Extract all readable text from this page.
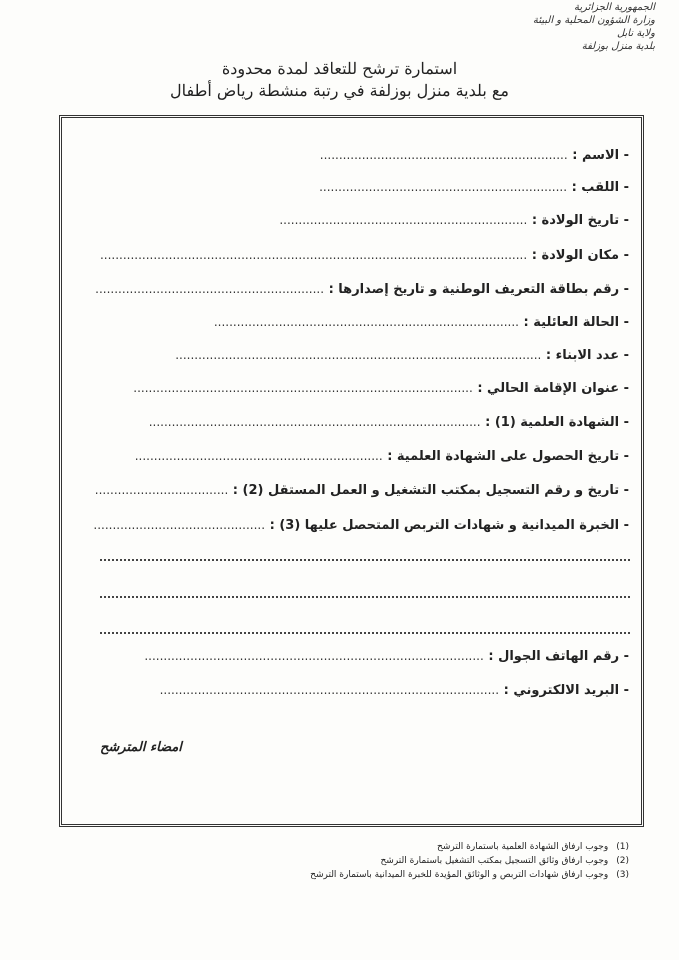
الجمهورية الجزائرية
وزارة الشؤون المحلية و البيئة
ولاية نابل
بلدية منزل بوزلفة
استمارة ترشح للتعاقد لمدة محدودة
مع بلدية منزل بوزلفة في رتبة منشطة رياض أطفال
- الاسم : .................................................................
- اللقب : .................................................................
- تاريخ الولادة : .................................................................
- مكان الولادة : ................................................................................................................
- رقم بطاقة التعريف الوطنية و تاريخ إصدارها : ............................................................
- الحالة العائلية : ................................................................................
- عدد الابناء : ................................................................................................
- عنوان الإقامة الحالي : .........................................................................................
- الشهادة العلمية (1) : .......................................................................................
- تاريخ الحصول على الشهادة العلمية : .................................................................
- تاريخ و رقم التسجيل بمكتب التشغيل و العمل المستقل (2) : ...................................
- الخبرة الميدانية و شهادات التربص المتحصل عليها (3) : .............................................
- رقم الهاتف الجوال : .........................................................................................
- البريد الالكتروني : .........................................................................................
امضاء المترشح
(1)وجوب ارفاق الشهادة العلمية باستمارة الترشح
(2)وجوب ارفاق وثائق التسجيل بمكتب التشغيل باستمارة الترشح
(3)وجوب ارفاق شهادات التربص و الوثائق المؤيدة للخبرة الميدانية باستمارة الترشح
